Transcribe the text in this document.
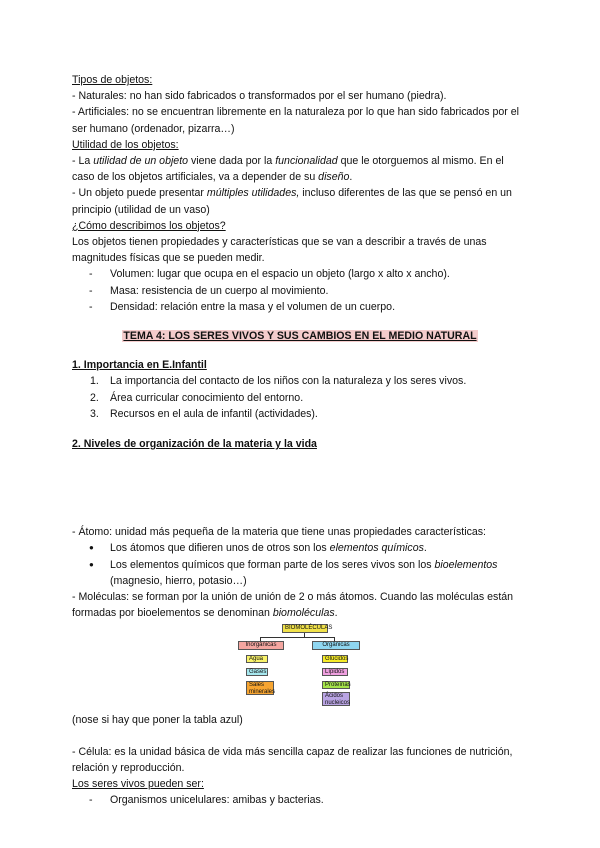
Tipos de objetos:

- Naturales: no han sido fabricados o transformados por el ser humano (piedra).

- Artificiales: no se encuentran libremente en la naturaleza por lo que han sido fabricados por el ser humano (ordenador, pizarra…)

Utilidad de los objetos:

- La utilidad de un objeto viene dada por la funcionalidad que le otorguemos al mismo. En el caso de los objetos artificiales, va a depender de su diseño.

- Un objeto puede presentar múltiples utilidades, incluso diferentes de las que se pensó en un principio (utilidad de un vaso)

¿Cómo describimos los objetos?

Los objetos tienen propiedades y características que se van a describir a través de unas magnitudes físicas que se pueden medir.

- Volumen: lugar que ocupa en el espacio un objeto (largo x alto x ancho).
- Masa: resistencia de un cuerpo al movimiento.
- Densidad: relación entre la masa y el volumen de un cuerpo.

TEMA 4: LOS SERES VIVOS Y SUS CAMBIOS EN EL MEDIO NATURAL

1. Importancia en E.Infantil

1. La importancia del contacto de los niños con la naturaleza y los seres vivos.
2. Área curricular conocimiento del entorno.
3. Recursos en el aula de infantil (actividades).

2. Niveles de organización de la materia y la vida

- Átomo: unidad más pequeña de la materia que tiene unas propiedades características:

● Los átomos que difieren unos de otros son los elementos químicos.
● Los elementos químicos que forman parte de los seres vivos son los bioelementos (magnesio, hierro, potasio…)

- Moléculas: se forman por la unión de unión de 2 o más átomos. Cuando las moléculas están formadas por bioelementos se denominan biomoléculas.

BIOMOLÉCULAS
Inorgánicas	Orgánicas
Agua
Gases
Sales minerales
Glúcidos
Lípidos
Proteínas
Ácidos nucleicos

(nose si hay que poner la tabla azul)

- Célula: es la unidad básica de vida más sencilla capaz de realizar las funciones de nutrición, relación y reproducción.

Los seres vivos pueden ser:

- Organismos unicelulares: amibas y bacterias.
